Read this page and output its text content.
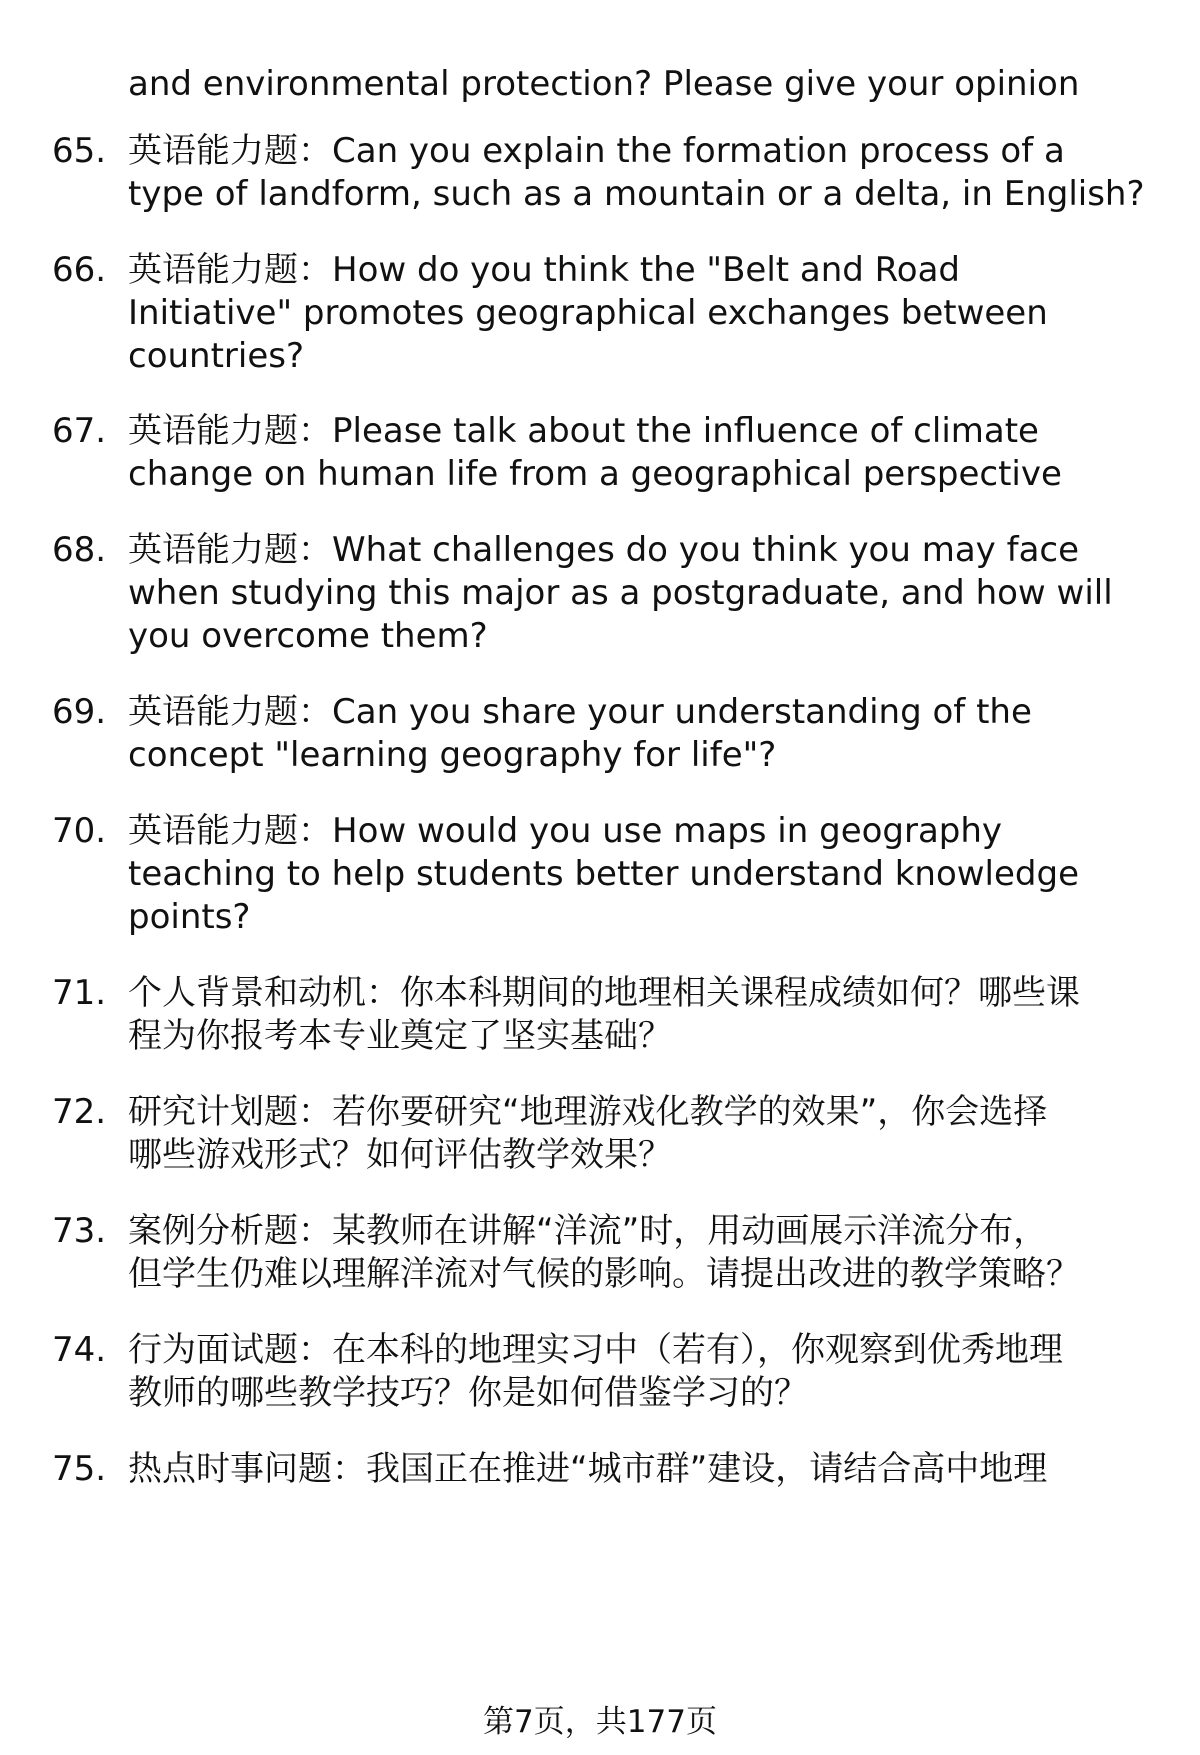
and environmental protection? Please give your opinion
65. 英语能力题：Can you explain the formation process of a
type of landform, such as a mountain or a delta, in English?
66. 英语能力题：How do you think the "Belt and Road
Initiative" promotes geographical exchanges between
countries?
67. 英语能力题：Please talk about the influence of climate
change on human life from a geographical perspective
68. 英语能力题：What challenges do you think you may face
when studying this major as a postgraduate, and how will
you overcome them?
69. 英语能力题：Can you share your understanding of the
concept "learning geography for life"?
70. 英语能力题：How would you use maps in geography
teaching to help students better understand knowledge
points?
71. 个人背景和动机：你本科期间的地理相关课程成绩如何？哪些课
程为你报考本专业奠定了坚实基础？
72. 研究计划题：若你要研究“地理游戏化教学的效果”，你会选择
哪些游戏形式？如何评估教学效果？
73. 案例分析题：某教师在讲解“洋流”时，用动画展示洋流分布，
但学生仍难以理解洋流对气候的影响。请提出改进的教学策略？
74. 行为面试题：在本科的地理实习中（若有），你观察到优秀地理
教师的哪些教学技巧？你是如何借鉴学习的？
75. 热点时事问题：我国正在推进“城市群”建设，请结合高中地理
第7页，共177页
